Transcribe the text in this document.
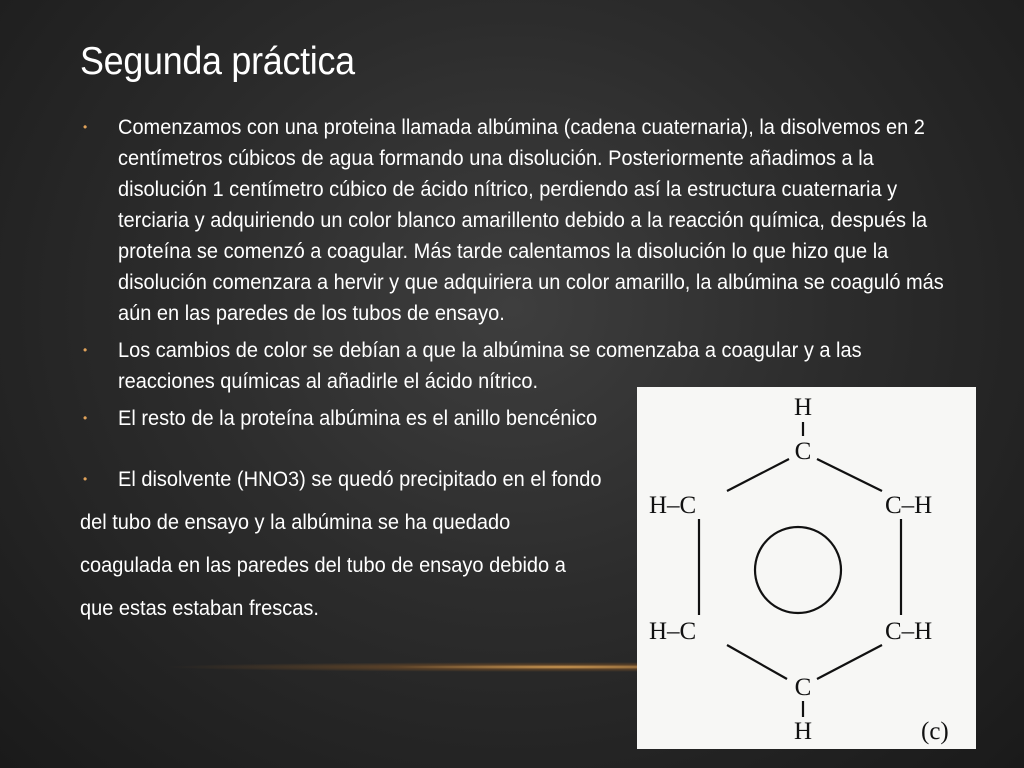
Segunda práctica
• Comenzamos con una proteina llamada albúmina (cadena cuaternaria), la disolvemos en 2 centímetros cúbicos de agua formando una disolución. Posteriormente añadimos a la disolución 1 centímetro cúbico de ácido nítrico, perdiendo así la estructura cuaternaria y terciaria y adquiriendo un color blanco amarillento debido a la reacción química, después la proteína se comenzó a coagular. Más tarde calentamos la disolución lo que hizo que la disolución comenzara a hervir y que adquiriera un color amarillo, la albúmina se coaguló más aún en las paredes de los tubos de ensayo.
• Los cambios de color se debían a que la albúmina se comenzaba a coagular y a las reacciones químicas al añadirle el ácido nítrico.
• El resto de la proteína albúmina es el anillo bencénico
• El disolvente (HNO3) se quedó precipitado en el fondo
del tubo de ensayo y la albúmina se ha quedado
coagulada en las paredes del tubo de ensayo debido a
que estas estaban frescas.
H
C
H–C	C–H
H–C	C–H
C
H	(c)
